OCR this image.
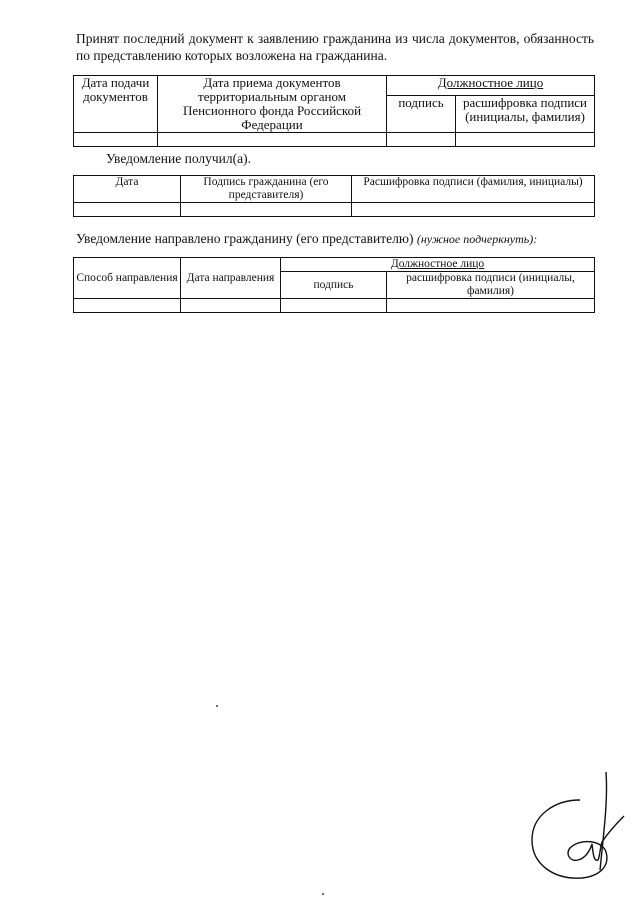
Принят последний документ к заявлению гражданина из числа документов, обязанность по представлению которых возложена на гражданина.

Дата подачи документов	Дата приема документов территориальным органом Пенсионного фонда Российской Федерации	Должностное лицо	
		подпись	расшифровка подписи (инициалы, фамилия)

Уведомление получил(а).

Дата	Подпись гражданина (его представителя)	Расшифровка подписи (фамилия, инициалы)

Уведомление направлено гражданину (его представителю) (нужное подчеркнуть):

Способ направления	Дата направления	Должностное лицо	
		подпись	расшифровка подписи (инициалы, фамилия)
